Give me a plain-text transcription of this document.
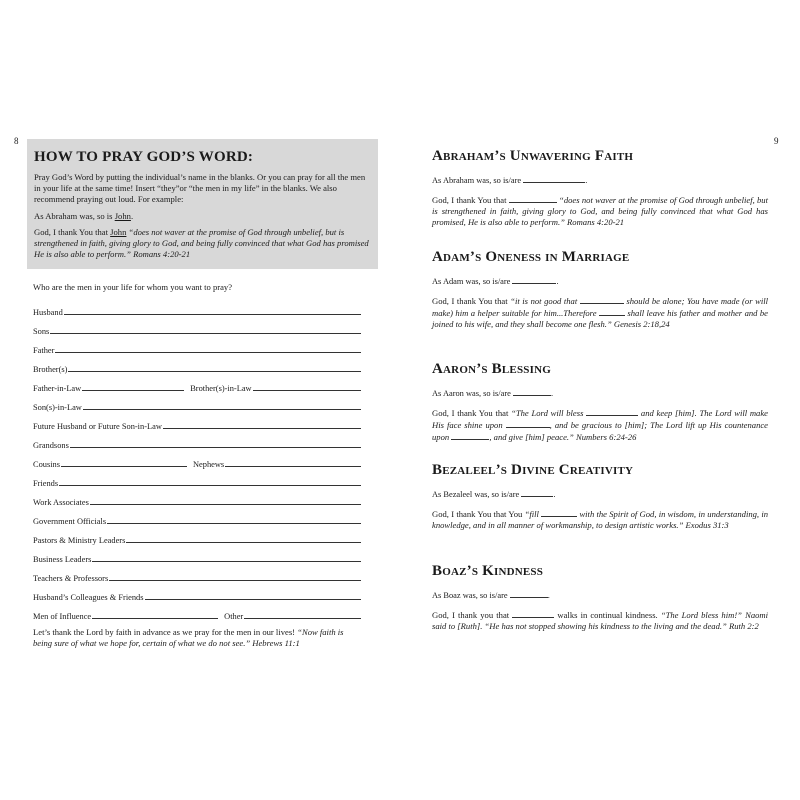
8	9
HOW TO PRAY GOD’S WORD:

Pray God’s Word by putting the individual’s name in the blanks. Or you can pray for all the men in your life at the same time! Insert “they”or “the men in my life” in the blanks. We also recommend praying out loud. For example:

As Abraham was, so is John.

God, I thank You that John “does not waver at the promise of God through unbelief, but is strengthened in faith, giving glory to God, and being fully convinced that what God has promised He is also able to perform.” Romans 4:20-21

Who are the men in your life for whom you want to pray?
Husband
Sons
Father
Brother(s)
Father-in-Law	Brother(s)-in-Law
Son(s)-in-Law
Future Husband or Future Son-in-Law
Grandsons
Cousins	Nephews
Friends
Work Associates
Government Officials
Pastors & Ministry Leaders
Business Leaders
Teachers & Professors
Husband’s Colleagues & Friends
Men of Influence	Other

Let’s thank the Lord by faith in advance as we pray for the men in our lives! “Now faith is being sure of what we hope for, certain of what we do not see.” Hebrews 11:1

Abraham’s Unwavering Faith

As Abraham was, so is/are	.

God, I thank You that	“does not waver at the promise of God through unbelief, but is strengthened in faith, giving glory to God, and being fully convinced that what God has promised, He is also able to perform.” Romans 4:20-21

Adam’s Oneness in Marriage

As Adam was, so is/are	.

God, I thank You that “it is not good that	should be alone; You have made (or will make) him a helper suitable for him...Therefore	shall leave his father and mother and be joined to his wife, and they shall become one flesh.” Genesis 2:18,24

Aaron’s Blessing

As Aaron was, so is/are	.

God, I thank You that “The Lord will bless	and keep [him]. The Lord will make His face shine upon	, and be gracious to [him]; The Lord lift up His countenance upon	, and give [him] peace.” Numbers 6:24-26

Bezaleel’s Divine Creativity

As Bezaleel was, so is/are	.

God, I thank You that You “fill	with the Spirit of God, in wisdom, in understanding, in knowledge, and in all manner of workmanship, to design artistic works.” Exodus 31:3

Boaz’s Kindness

As Boaz was, so is/are	.

God, I thank you that	walks in continual kindness. “The Lord bless him!” Naomi said to [Ruth]. “He has not stopped showing his kindness to the living and the dead.” Ruth 2:2
